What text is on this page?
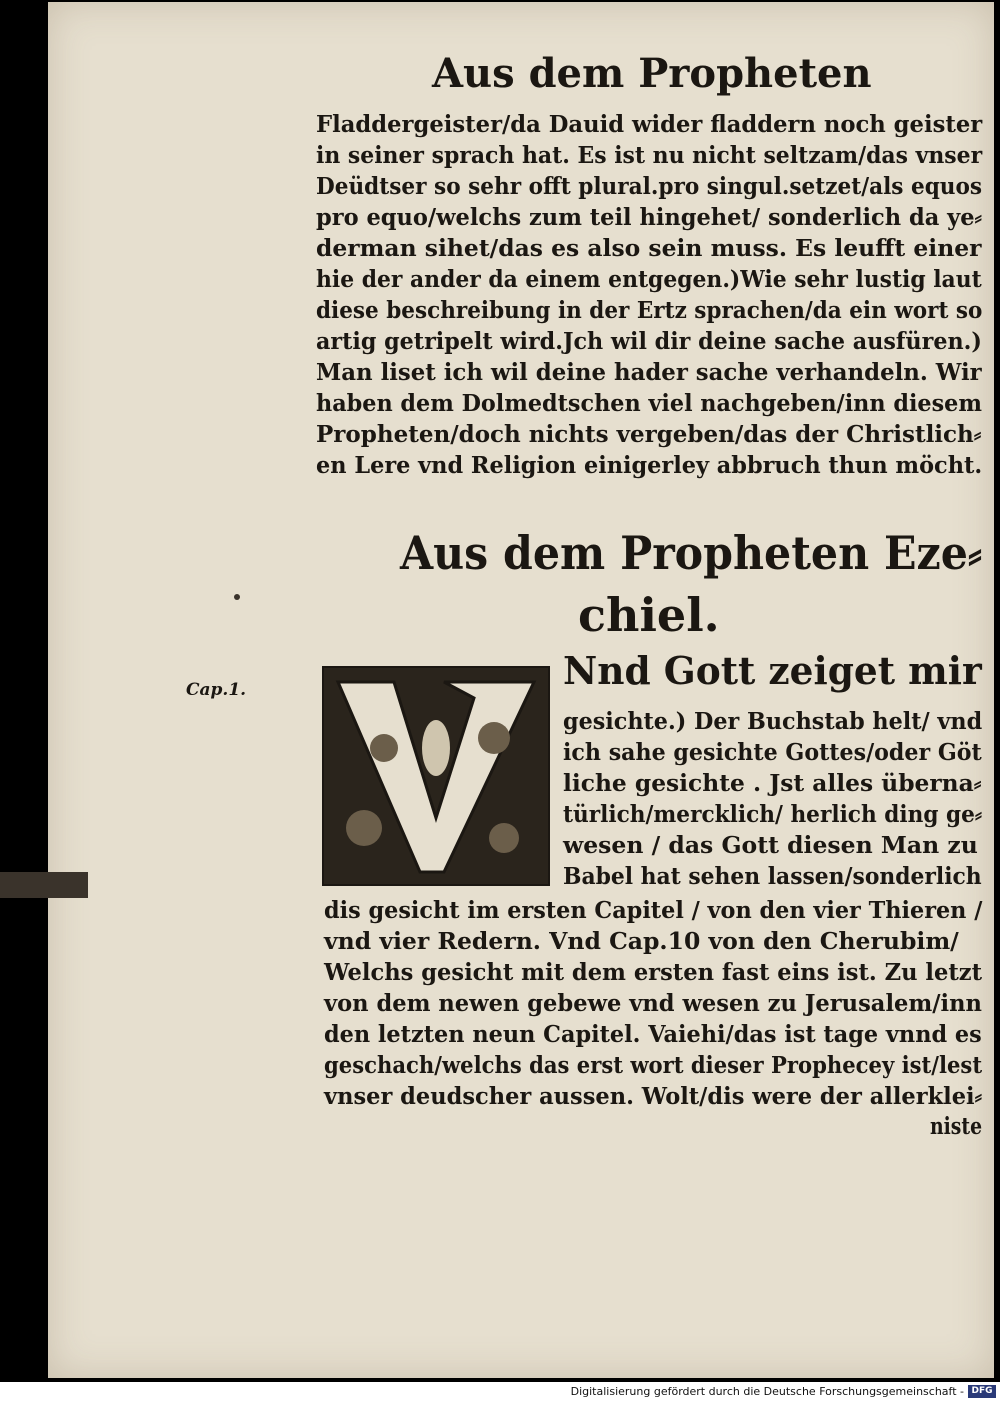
Aus dem Propheten
Fladdergeister/da Dauid wider fladdern noch geister
in seiner sprach hat. Es ist nu nicht seltzam/das vnser
Deüdtser so sehr offt plural.pro singul.setzet/als equos
pro equo/welchs zum teil hingehet/ sonderlich da ye⸗
derman sihet/das es also sein muss. Es leufft einer
hie der ander da einem entgegen.)Wie sehr lustig laut
diese beschreibung in der Ertz sprachen/da ein wort so
artig getripelt wird.Jch wil dir deine sache ausfüren.)
Man liset ich wil deine hader sache verhandeln. Wir
haben dem Dolmedtschen viel nachgeben/inn diesem
Propheten/doch nichts vergeben/das der Christlich⸗
en Lere vnd Religion einigerley abbruch thun möcht.
Aus dem Propheten Eze⸗
chiel.
Cap.1.	Nnd Gott zeiget mir
gesichte.) Der Buchstab helt/ vnd
ich sahe gesichte Gottes/oder Göt
liche gesichte . Jst alles überna⸗
türlich/mercklich/ herlich ding ge⸗
wesen / das Gott diesen Man zu
Babel hat sehen lassen/sonderlich
dis gesicht im ersten Capitel / von den vier Thieren /
vnd vier Redern. Vnd Cap.10 von den Cherubim/
Welchs gesicht mit dem ersten fast eins ist. Zu letzt
von dem newen gebewe vnd wesen zu Jerusalem/inn
den letzten neun Capitel. Vaiehi/das ist tage vnnd es
geschach/welchs das erst wort dieser Prophecey ist/lest
vnser deudscher aussen. Wolt/dis were der allerklei⸗
niste
Digitalisierung gefördert durch die Deutsche Forschungsgemeinschaft - DFG
